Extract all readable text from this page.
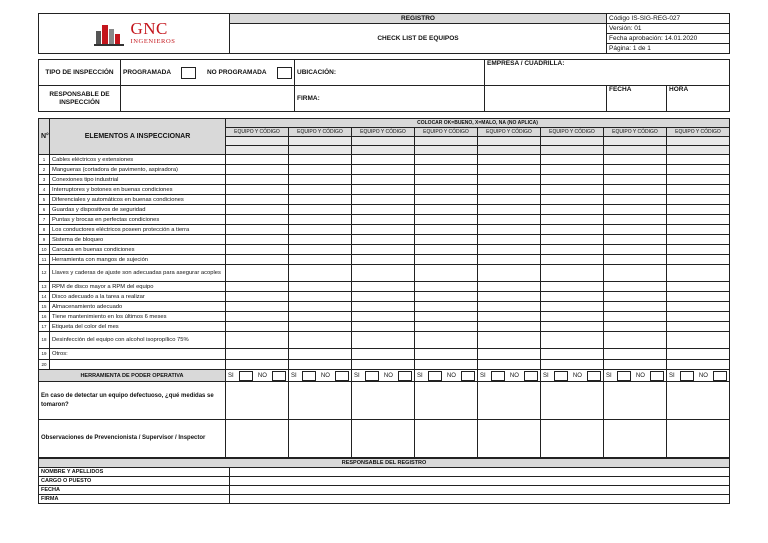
GNC
INGENIEROS	REGISTRO	Código IS-SIG-REG-027
	CHECK LIST DE EQUIPOS	Versión: 01
		Fecha aprobación: 14.01.2020
		Página: 1 de 1
TIPO DE INSPECCIÓN	PROGRAMADA NO PROGRAMADA	UBICACIÓN:	EMPRESA / CUADRILLA:		
RESPONSABLE DE INSPECCIÓN		FIRMA:		FECHA	HORA
N°	ELEMENTOS A INSPECCIONAR	COLOCAR OK=BUENO, X=MALO, NA (NO APLICA)							
		EQUIPO Y CÓDIGO	EQUIPO Y CÓDIGO	EQUIPO Y CÓDIGO	EQUIPO Y CÓDIGO	EQUIPO Y CÓDIGO	EQUIPO Y CÓDIGO	EQUIPO Y CÓDIGO	EQUIPO Y CÓDIGO

1	Cables eléctricos y extensiones								
2	Mangueras (cortadora de pavimento, aspiradora)								
3	Conexiones tipo industrial								
4	Interruptores y botones en buenas condiciones								
5	Diferenciales y automáticos en buenas condiciones								
6	Guardas y dispositivos de seguridad								
7	Puntas y brocas en perfectas condiciones								
8	Los conductores eléctricos poseen protección a tierra								
9	Sistema de bloqueo								
10	Carcaza en buenas condiciones								
11	Herramienta con mangos de sujeción								
12	Llaves y caderas de ajuste son adecuadas para asegurar acoples								
13	RPM de disco mayor a RPM del equipo								
14	Disco adecuado a la tarea a realizar								
15	Almacenamiento adecuado								
16	Tiene mantenimiento en los últimos 6 meses								
17	Etiqueta del color del mes								
18	Desinfección del equipo con alcohol isopropílico 75%								
19	Otros:								
20									
HERRAMIENTA DE PODER OPERATIVA		SI NO	SI NO	SI NO	SI NO	SI NO	SI NO	SI NO	SI NO

En caso de detectar un equipo defectuoso, ¿qué medidas se tomaron?									
Observaciones de Prevencionista / Supervisor / Inspector									
RESPONSABLE DEL REGISTRO	
NOMBRE Y APELLIDOS	
CARGO O PUESTO	
FECHA	
FIRMA	
